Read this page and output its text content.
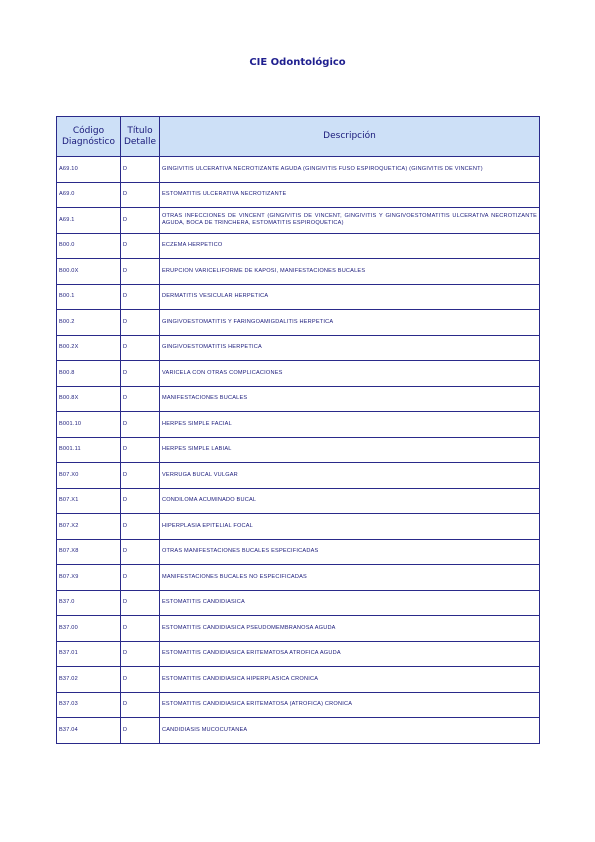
CIE Odontológico
Código Diagnóstico	Título Detalle	Descripción
A69.10	D	GINGIVITIS ULCERATIVA NECROTIZANTE AGUDA (GINGIVITIS FUSO ESPIROQUETICA) (GINGIVITIS DE VINCENT)
A69.0	D	ESTOMATITIS ULCERATIVA NECROTIZANTE
A69.1	D	OTRAS INFECCIONES DE VINCENT (GINGIVITIS DE VINCENT, GINGIVITIS Y GINGIVOESTOMATITIS ULCERATIVA NECROTIZANTE AGUDA, BOCA DE TRINCHERA, ESTOMATITIS ESPIROQUETICA)
B00.0	D	ECZEMA HERPETICO
B00.0X	D	ERUPCION VARICELIFORME DE KAPOSI, MANIFESTACIONES BUCALES
B00.1	D	DERMATITIS VESICULAR HERPETICA
B00.2	D	GINGIVOESTOMATITIS Y FARINGOAMIGDALITIS HERPETICA
B00.2X	D	GINGIVOESTOMATITIS HERPETICA
B00.8	D	VARICELA CON OTRAS COMPLICACIONES
B00.8X	D	MANIFESTACIONES BUCALES
B001.10	D	HERPES SIMPLE FACIAL
B001.11	D	HERPES SIMPLE LABIAL
B07.X0	D	VERRUGA BUCAL VULGAR
B07.X1	D	CONDILOMA ACUMINADO BUCAL
B07.X2	D	HIPERPLASIA EPITELIAL FOCAL
B07.X8	D	OTRAS MANIFESTACIONES BUCALES ESPECIFICADAS
B07.X9	D	MANIFESTACIONES BUCALES NO ESPECIFICADAS
B37.0	D	ESTOMATITIS CANDIDIASICA
B37.00	D	ESTOMATITIS CANDIDIASICA PSEUDOMEMBRANOSA AGUDA
B37.01	D	ESTOMATITIS CANDIDIASICA ERITEMATOSA ATROFICA AGUDA
B37.02	D	ESTOMATITIS CANDIDIASICA HIPERPLASICA CRONICA
B37.03	D	ESTOMATITIS CANDIDIASICA ERITEMATOSA (ATROFICA) CRONICA
B37.04	D	CANDIDIASIS MUCOCUTANEA
